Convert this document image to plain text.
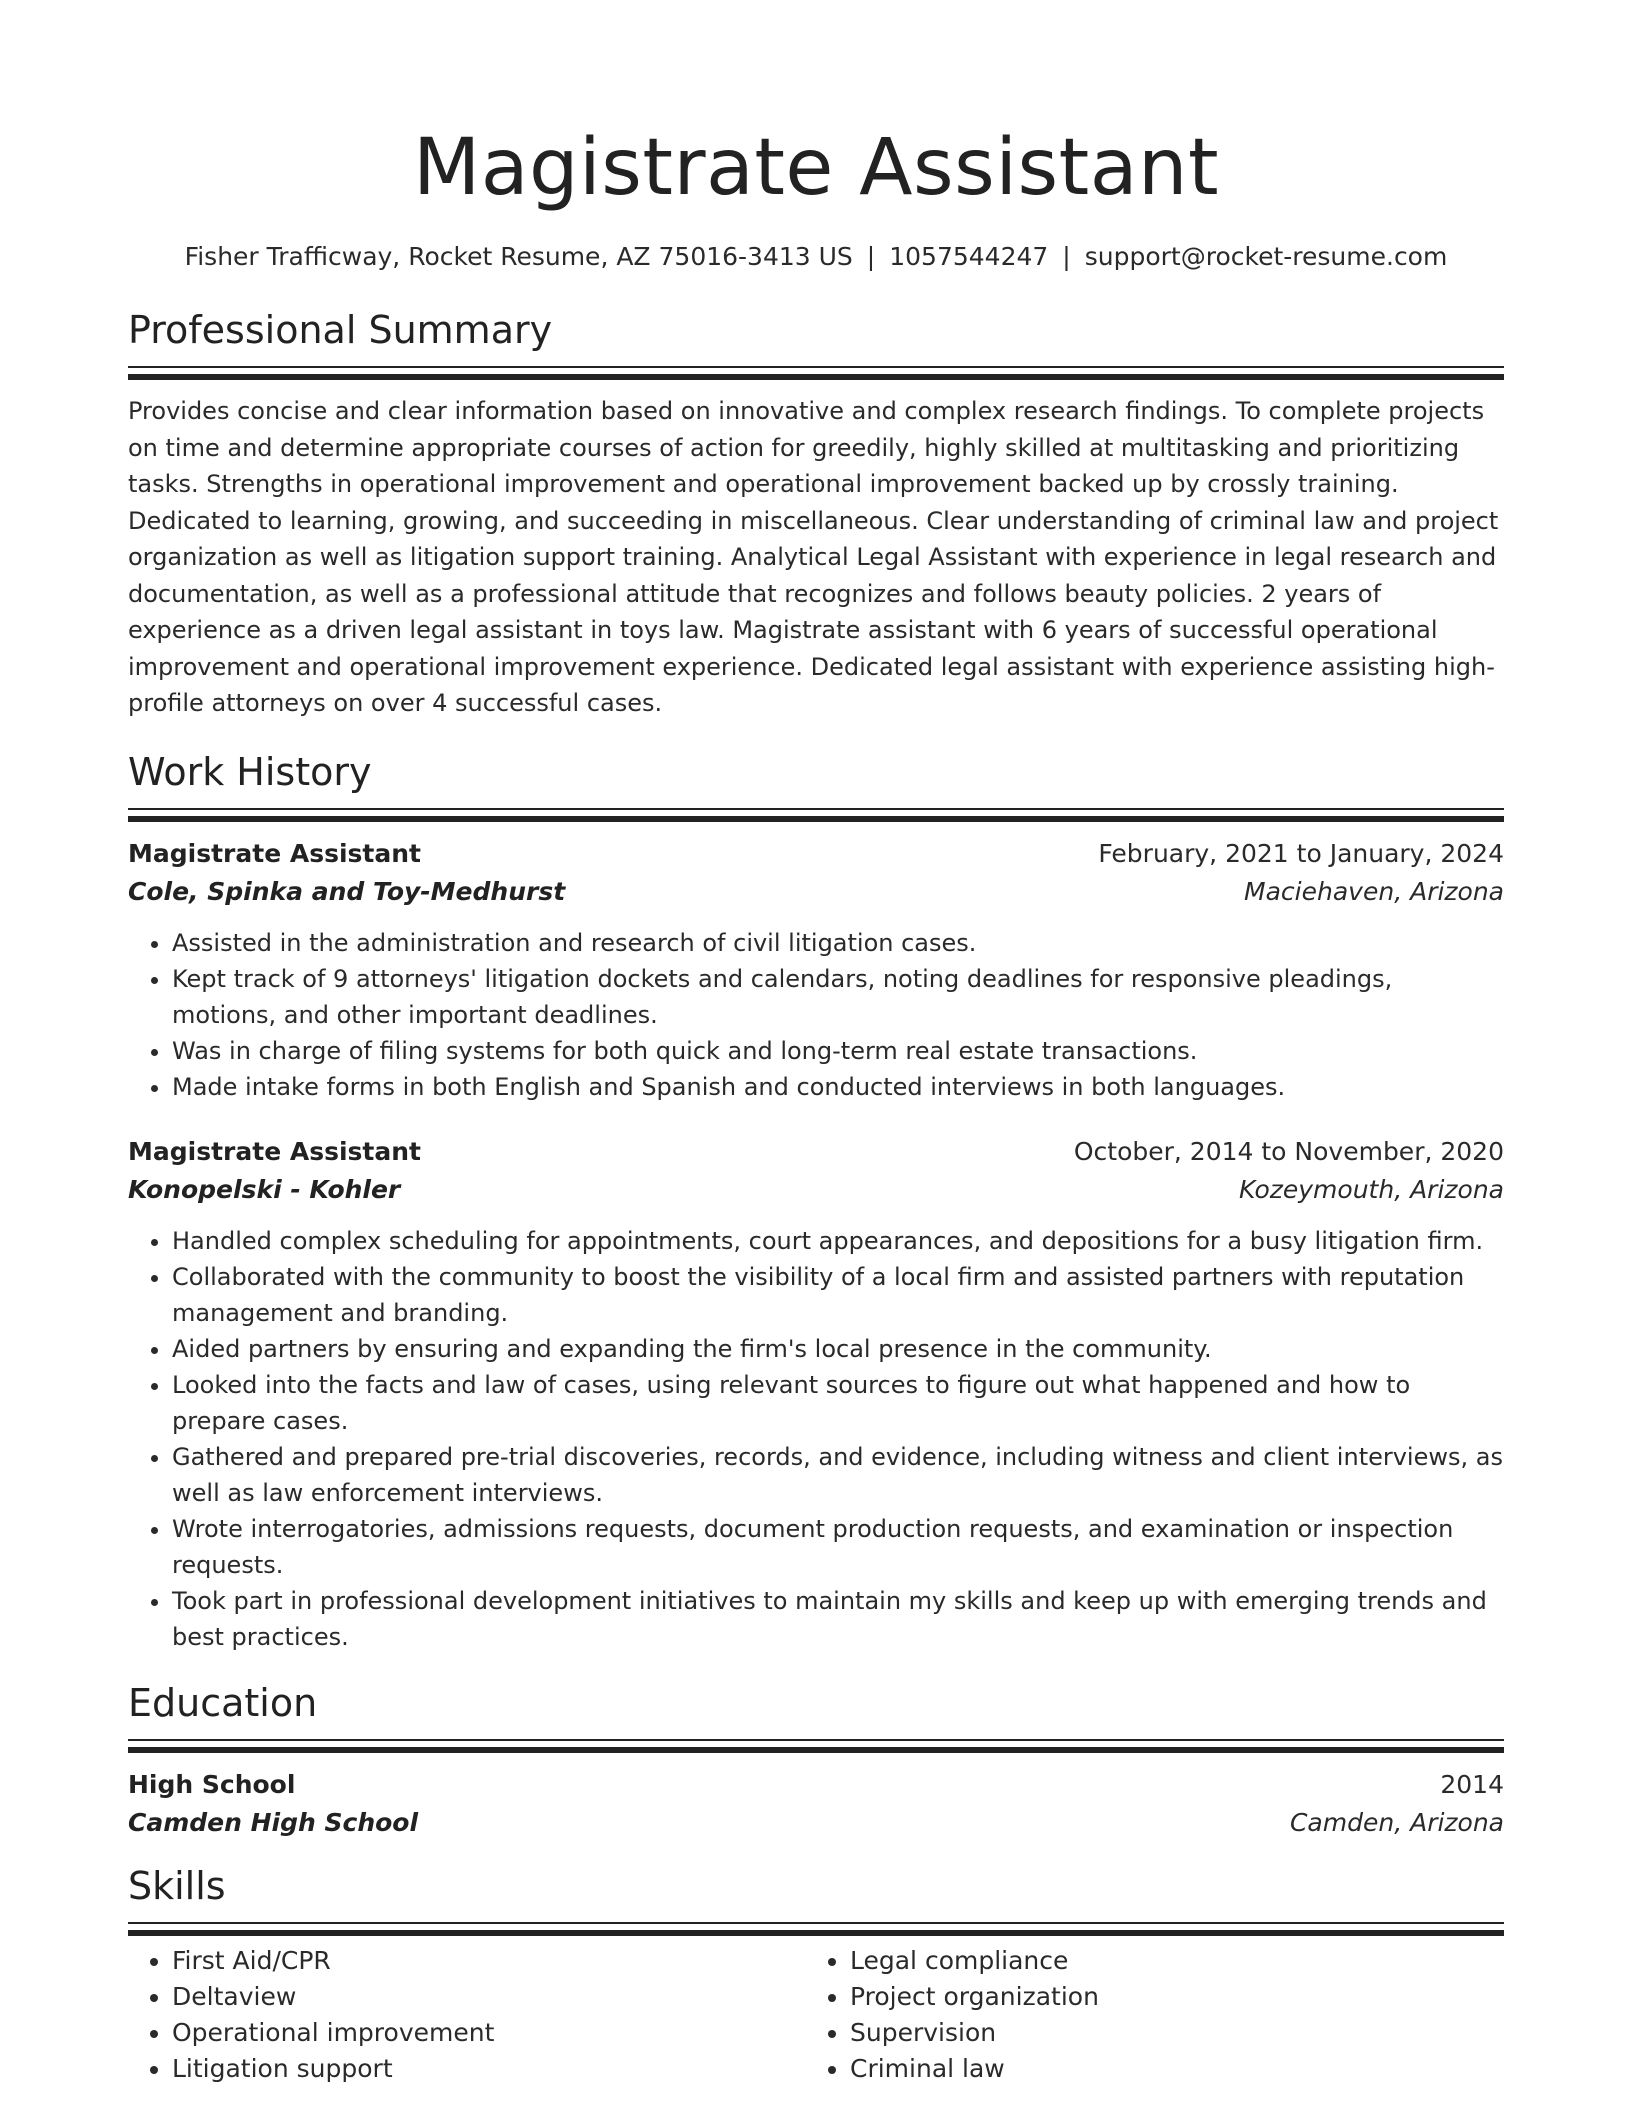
Magistrate Assistant
Fisher Trafficway, Rocket Resume, AZ 75016-3413 US | 1057544247 | support@rocket-resume.com
Professional Summary
Provides concise and clear information based on innovative and complex research findings. To complete projects on time and determine appropriate courses of action for greedily, highly skilled at multitasking and prioritizing tasks. Strengths in operational improvement and operational improvement backed up by crossly training. Dedicated to learning, growing, and succeeding in miscellaneous. Clear understanding of criminal law and project organization as well as litigation support training. Analytical Legal Assistant with experience in legal research and documentation, as well as a professional attitude that recognizes and follows beauty policies. 2 years of experience as a driven legal assistant in toys law. Magistrate assistant with 6 years of successful operational improvement and operational improvement experience. Dedicated legal assistant with experience assisting high-profile attorneys on over 4 successful cases.
Work History
Magistrate Assistant	February, 2021 to January, 2024
Cole, Spinka and Toy-Medhurst	Maciehaven, Arizona
• Assisted in the administration and research of civil litigation cases.
• Kept track of 9 attorneys' litigation dockets and calendars, noting deadlines for responsive pleadings, motions, and other important deadlines.
• Was in charge of filing systems for both quick and long-term real estate transactions.
• Made intake forms in both English and Spanish and conducted interviews in both languages.
Magistrate Assistant	October, 2014 to November, 2020
Konopelski - Kohler	Kozeymouth, Arizona
• Handled complex scheduling for appointments, court appearances, and depositions for a busy litigation firm.
• Collaborated with the community to boost the visibility of a local firm and assisted partners with reputation management and branding.
• Aided partners by ensuring and expanding the firm's local presence in the community.
• Looked into the facts and law of cases, using relevant sources to figure out what happened and how to prepare cases.
• Gathered and prepared pre-trial discoveries, records, and evidence, including witness and client interviews, as well as law enforcement interviews.
• Wrote interrogatories, admissions requests, document production requests, and examination or inspection requests.
• Took part in professional development initiatives to maintain my skills and keep up with emerging trends and best practices.
Education
High School	2014
Camden High School	Camden, Arizona
Skills
• First Aid/CPR
• Deltaview
• Operational improvement
• Litigation support
• Legal compliance
• Project organization
• Supervision
• Criminal law
